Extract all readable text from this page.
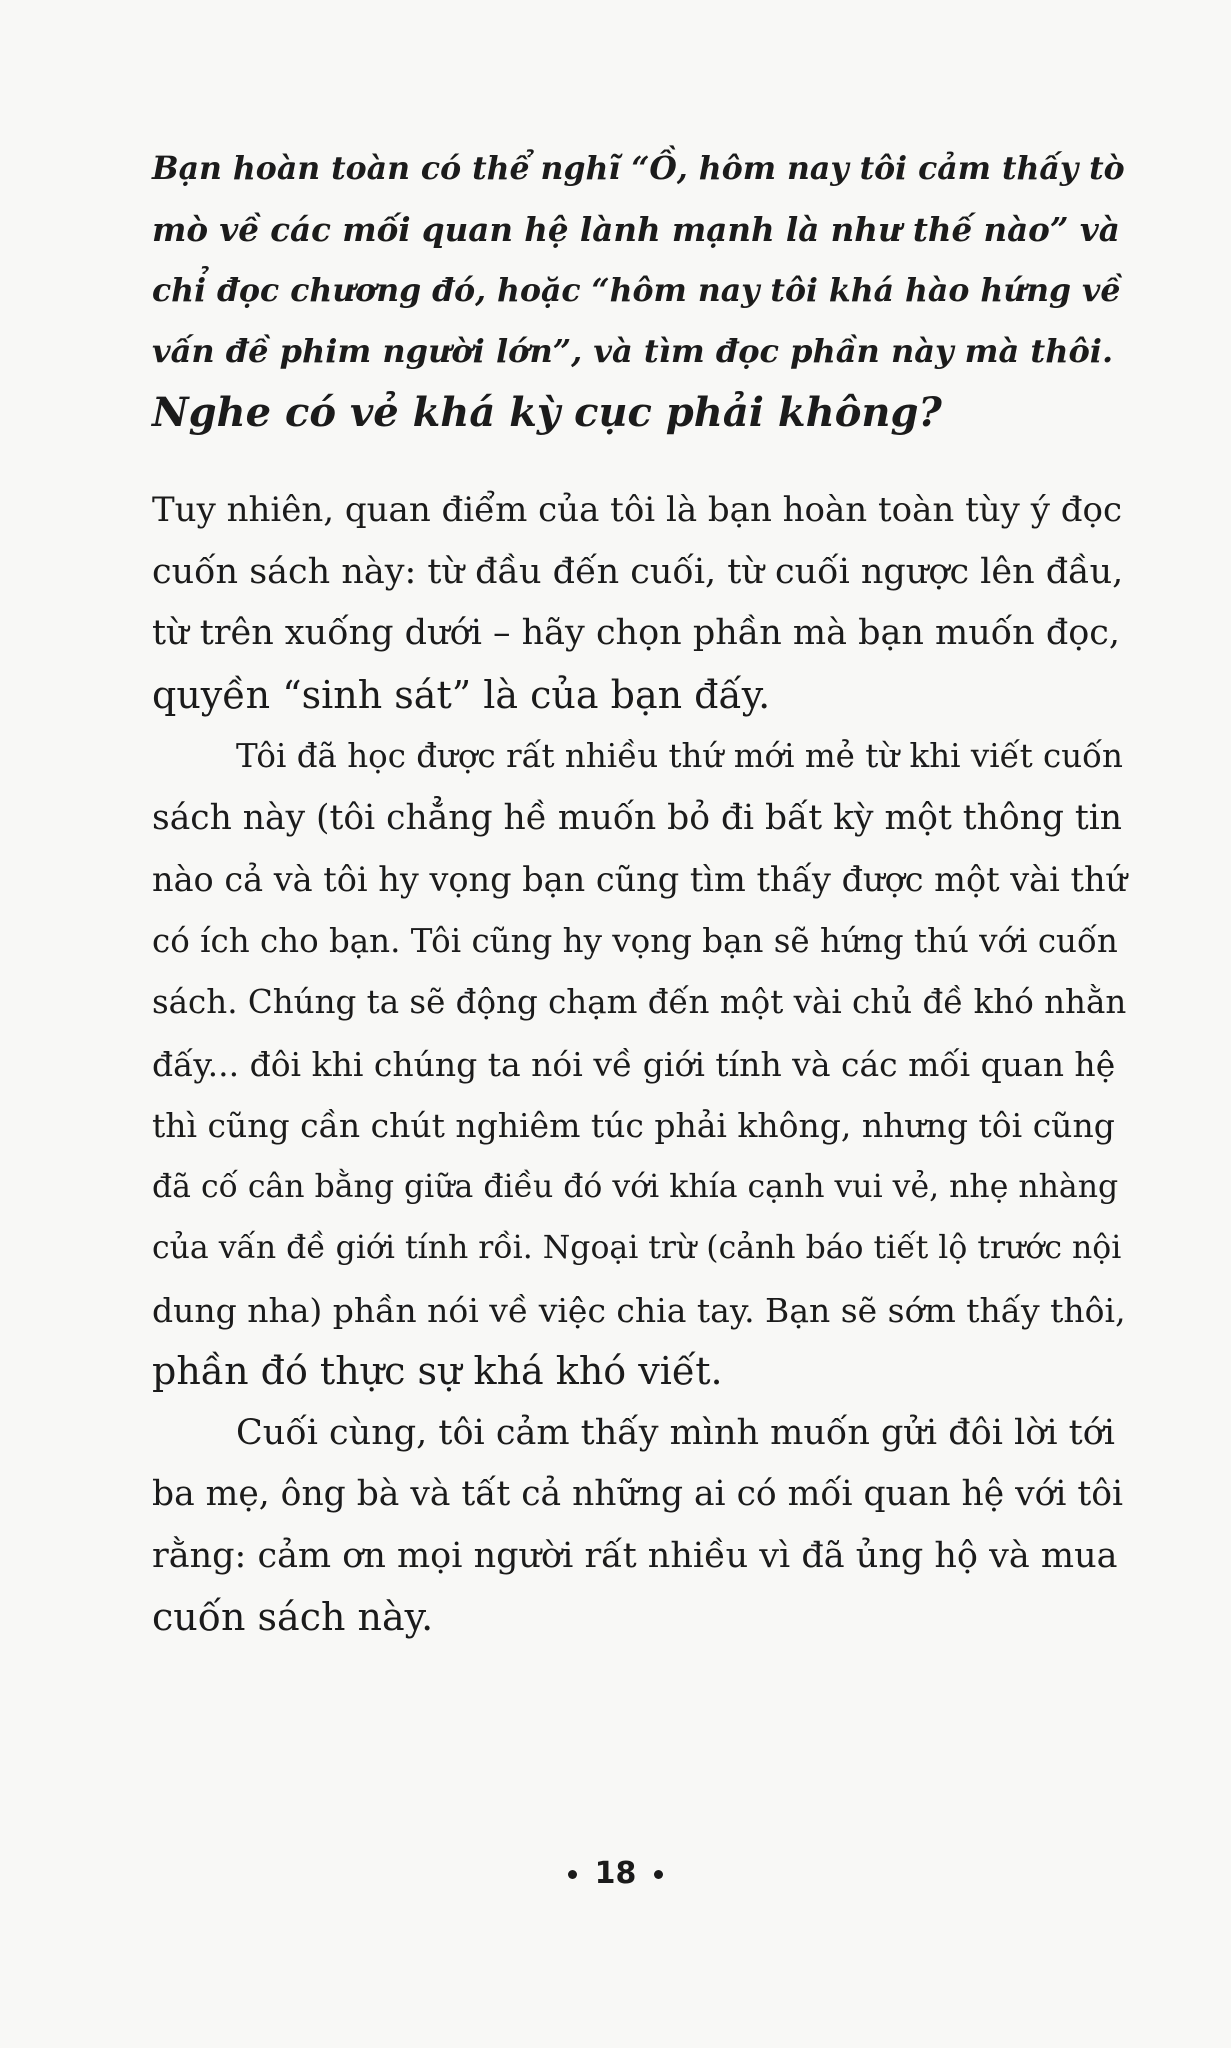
Bạn hoàn toàn có thể nghĩ “Ồ, hôm nay tôi cảm thấy tò
mò về các mối quan hệ lành mạnh là như thế nào” và
chỉ đọc chương đó, hoặc “hôm nay tôi khá hào hứng về
vấn đề phim người lớn”, và tìm đọc phần này mà thôi.
Nghe có vẻ khá kỳ cục phải không?
Tuy nhiên, quan điểm của tôi là bạn hoàn toàn tùy ý đọc
cuốn sách này: từ đầu đến cuối, từ cuối ngược lên đầu,
từ trên xuống dưới – hãy chọn phần mà bạn muốn đọc,
quyền “sinh sát” là của bạn đấy.
Tôi đã học được rất nhiều thứ mới mẻ từ khi viết cuốn
sách này (tôi chẳng hề muốn bỏ đi bất kỳ một thông tin
nào cả và tôi hy vọng bạn cũng tìm thấy được một vài thứ
có ích cho bạn. Tôi cũng hy vọng bạn sẽ hứng thú với cuốn
sách. Chúng ta sẽ động chạm đến một vài chủ đề khó nhằn
đấy... đôi khi chúng ta nói về giới tính và các mối quan hệ
thì cũng cần chút nghiêm túc phải không, nhưng tôi cũng
đã cố cân bằng giữa điều đó với khía cạnh vui vẻ, nhẹ nhàng
của vấn đề giới tính rồi. Ngoại trừ (cảnh báo tiết lộ trước nội
dung nha) phần nói về việc chia tay. Bạn sẽ sớm thấy thôi,
phần đó thực sự khá khó viết.
Cuối cùng, tôi cảm thấy mình muốn gửi đôi lời tới
ba mẹ, ông bà và tất cả những ai có mối quan hệ với tôi
rằng: cảm ơn mọi người rất nhiều vì đã ủng hộ và mua
cuốn sách này.
18
